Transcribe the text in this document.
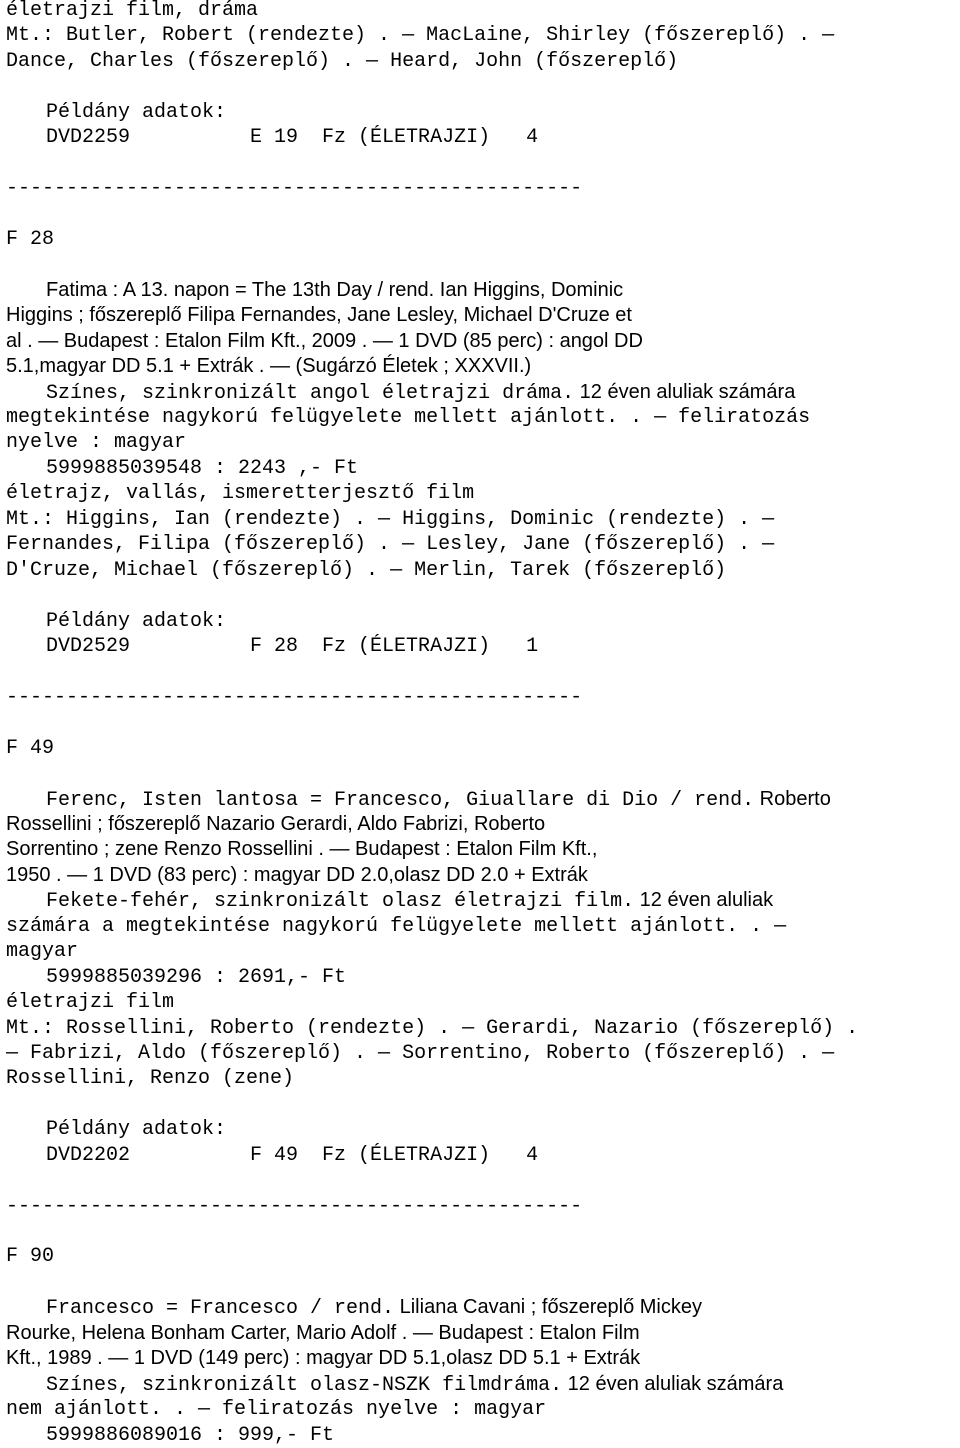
életrajzi film, dráma
Mt.: Butler, Robert (rendezte) . — MacLaine, Shirley (főszereplő) . —
Dance, Charles (főszereplő) . — Heard, John (főszereplő)
Példány adatok:
DVD2259          E 19  Fz (ÉLETRAJZI)   4
------------------------------------------------
F 28
Fatima : A 13. napon = The 13th Day / rend. Ian Higgins, Dominic
Higgins ; főszereplő Filipa Fernandes, Jane Lesley, Michael D'Cruze et
al . — Budapest : Etalon Film Kft., 2009 . — 1 DVD (85 perc) : angol DD
5.1,magyar DD 5.1 + Extrák . — (Sugárzó Életek ; XXXVII.)
Színes, szinkronizált angol életrajzi dráma. 12 éven aluliak számára
megtekintése nagykorú felügyelete mellett ajánlott. . — feliratozás
nyelve : magyar
5999885039548 : 2243 ,- Ft
életrajz, vallás, ismeretterjesztő film
Mt.: Higgins, Ian (rendezte) . — Higgins, Dominic (rendezte) . —
Fernandes, Filipa (főszereplő) . — Lesley, Jane (főszereplő) . —
D'Cruze, Michael (főszereplő) . — Merlin, Tarek (főszereplő)
Példány adatok:
DVD2529          F 28  Fz (ÉLETRAJZI)   1
------------------------------------------------
F 49
Ferenc, Isten lantosa = Francesco, Giuallare di Dio / rend. Roberto
Rossellini ; főszereplő Nazario Gerardi, Aldo Fabrizi, Roberto
Sorrentino ; zene Renzo Rossellini . — Budapest : Etalon Film Kft.,
1950 . — 1 DVD (83 perc) : magyar DD 2.0,olasz DD 2.0 + Extrák
Fekete-fehér, szinkronizált olasz életrajzi film. 12 éven aluliak
számára a megtekintése nagykorú felügyelete mellett ajánlott. . —
magyar
5999885039296 : 2691,- Ft
életrajzi film
Mt.: Rossellini, Roberto (rendezte) . — Gerardi, Nazario (főszereplő) .
— Fabrizi, Aldo (főszereplő) . — Sorrentino, Roberto (főszereplő) . —
Rossellini, Renzo (zene)
Példány adatok:
DVD2202          F 49  Fz (ÉLETRAJZI)   4
------------------------------------------------
F 90
Francesco = Francesco / rend. Liliana Cavani ; főszereplő Mickey
Rourke, Helena Bonham Carter, Mario Adolf . — Budapest : Etalon Film
Kft., 1989 . — 1 DVD (149 perc) : magyar DD 5.1,olasz DD 5.1 + Extrák
Színes, szinkronizált olasz-NSZK filmdráma. 12 éven aluliak számára
nem ajánlott. . — feliratozás nyelve : magyar
5999886089016 : 999,- Ft
